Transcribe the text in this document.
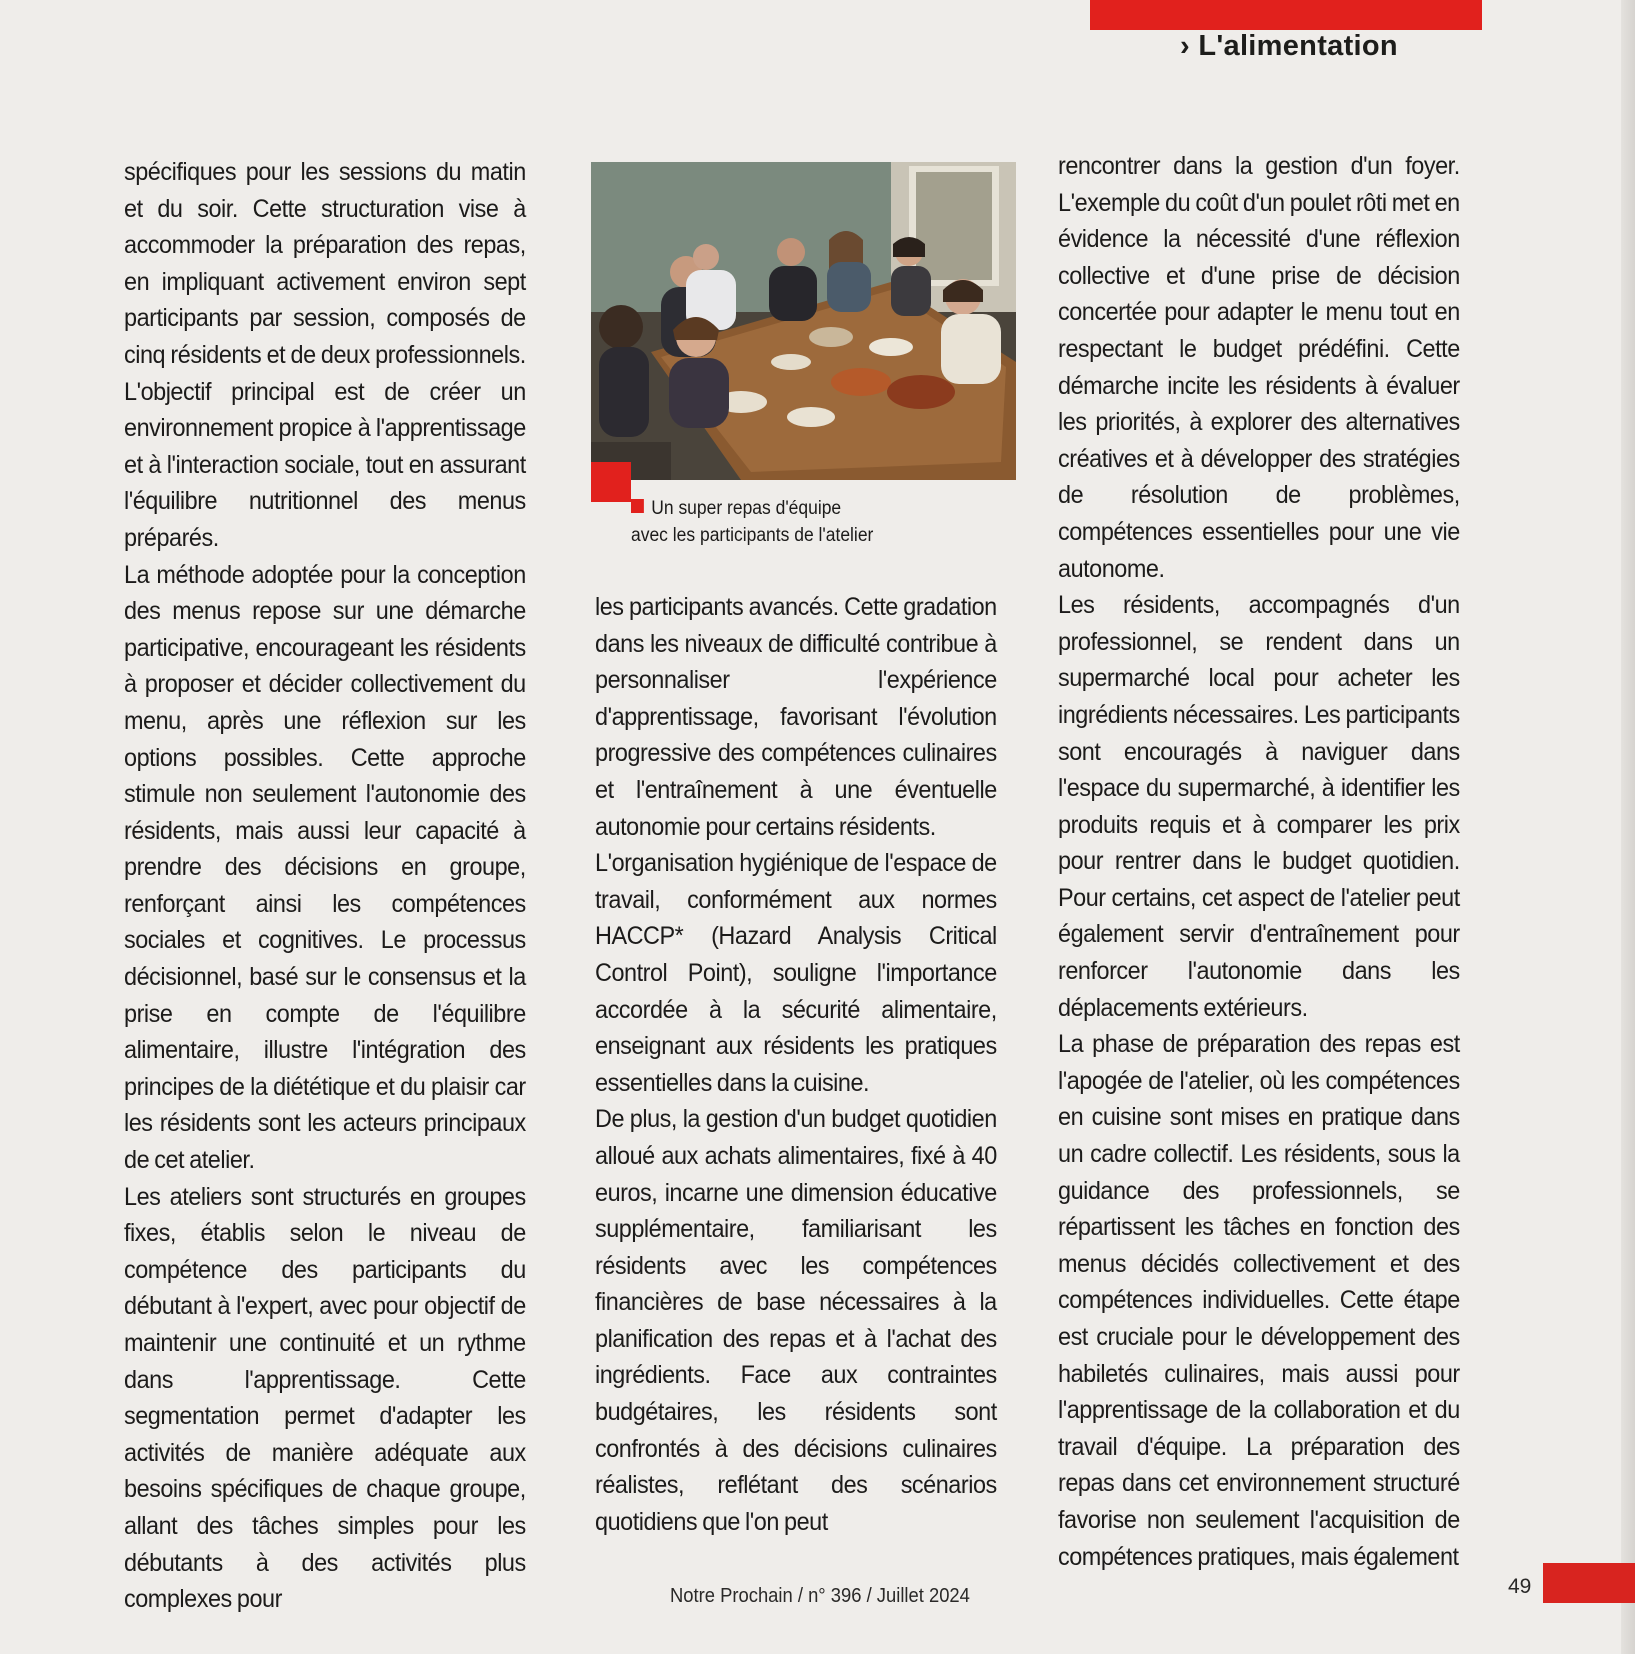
› L'alimentation

spécifiques pour les sessions du matin et du soir. Cette structuration vise à accommoder la préparation des repas, en impliquant activement environ sept participants par session, composés de cinq résidents et de deux professionnels. L'objectif principal est de créer un environnement propice à l'apprentissage et à l'interaction sociale, tout en assurant l'équilibre nutritionnel des menus préparés.

La méthode adoptée pour la conception des menus repose sur une démarche participative, encourageant les résidents à proposer et décider collectivement du menu, après une réflexion sur les options possibles. Cette approche stimule non seulement l'autonomie des résidents, mais aussi leur capacité à prendre des décisions en groupe, renforçant ainsi les compétences sociales et cognitives. Le processus décisionnel, basé sur le consensus et la prise en compte de l'équilibre alimentaire, illustre l'intégration des principes de la diététique et du plaisir car les résidents sont les acteurs principaux de cet atelier.

Les ateliers sont structurés en groupes fixes, établis selon le niveau de compétence des participants du débutant à l'expert, avec pour objectif de maintenir une continuité et un rythme dans l'apprentissage. Cette segmentation permet d'adapter les activités de manière adéquate aux besoins spécifiques de chaque groupe, allant des tâches simples pour les débutants à des activités plus complexes pour

Un super repas d'équipe
avec les participants de l'atelier

les participants avancés. Cette gradation dans les niveaux de difficulté contribue à personnaliser l'expérience d'apprentissage, favorisant l'évolution progressive des compétences culinaires et l'entraînement à une éventuelle autonomie pour certains résidents.

L'organisation hygiénique de l'espace de travail, conformément aux normes HACCP* (Hazard Analysis Critical Control Point), souligne l'importance accordée à la sécurité alimentaire, enseignant aux résidents les pratiques essentielles dans la cuisine.

De plus, la gestion d'un budget quotidien alloué aux achats alimentaires, fixé à 40 euros, incarne une dimension éducative supplémentaire, familiarisant les résidents avec les compétences financières de base nécessaires à la planification des repas et à l'achat des ingrédients. Face aux contraintes budgétaires, les résidents sont confrontés à des décisions culinaires réalistes, reflétant des scénarios quotidiens que l'on peut

rencontrer dans la gestion d'un foyer. L'exemple du coût d'un poulet rôti met en évidence la nécessité d'une réflexion collective et d'une prise de décision concertée pour adapter le menu tout en respectant le budget prédéfini. Cette démarche incite les résidents à évaluer les priorités, à explorer des alternatives créatives et à développer des stratégies de résolution de problèmes, compétences essentielles pour une vie autonome.

Les résidents, accompagnés d'un professionnel, se rendent dans un supermarché local pour acheter les ingrédients nécessaires. Les participants sont encouragés à naviguer dans l'espace du supermarché, à identifier les produits requis et à comparer les prix pour rentrer dans le budget quotidien. Pour certains, cet aspect de l'atelier peut également servir d'entraînement pour renforcer l'autonomie dans les déplacements extérieurs.

La phase de préparation des repas est l'apogée de l'atelier, où les compétences en cuisine sont mises en pratique dans un cadre collectif. Les résidents, sous la guidance des professionnels, se répartissent les tâches en fonction des menus décidés collectivement et des compétences individuelles. Cette étape est cruciale pour le développement des habiletés culinaires, mais aussi pour l'apprentissage de la collaboration et du travail d'équipe. La préparation des repas dans cet environnement structuré favorise non seulement l'acquisition de compétences pratiques, mais également

Notre Prochain / n° 396 / Juillet 2024	49
